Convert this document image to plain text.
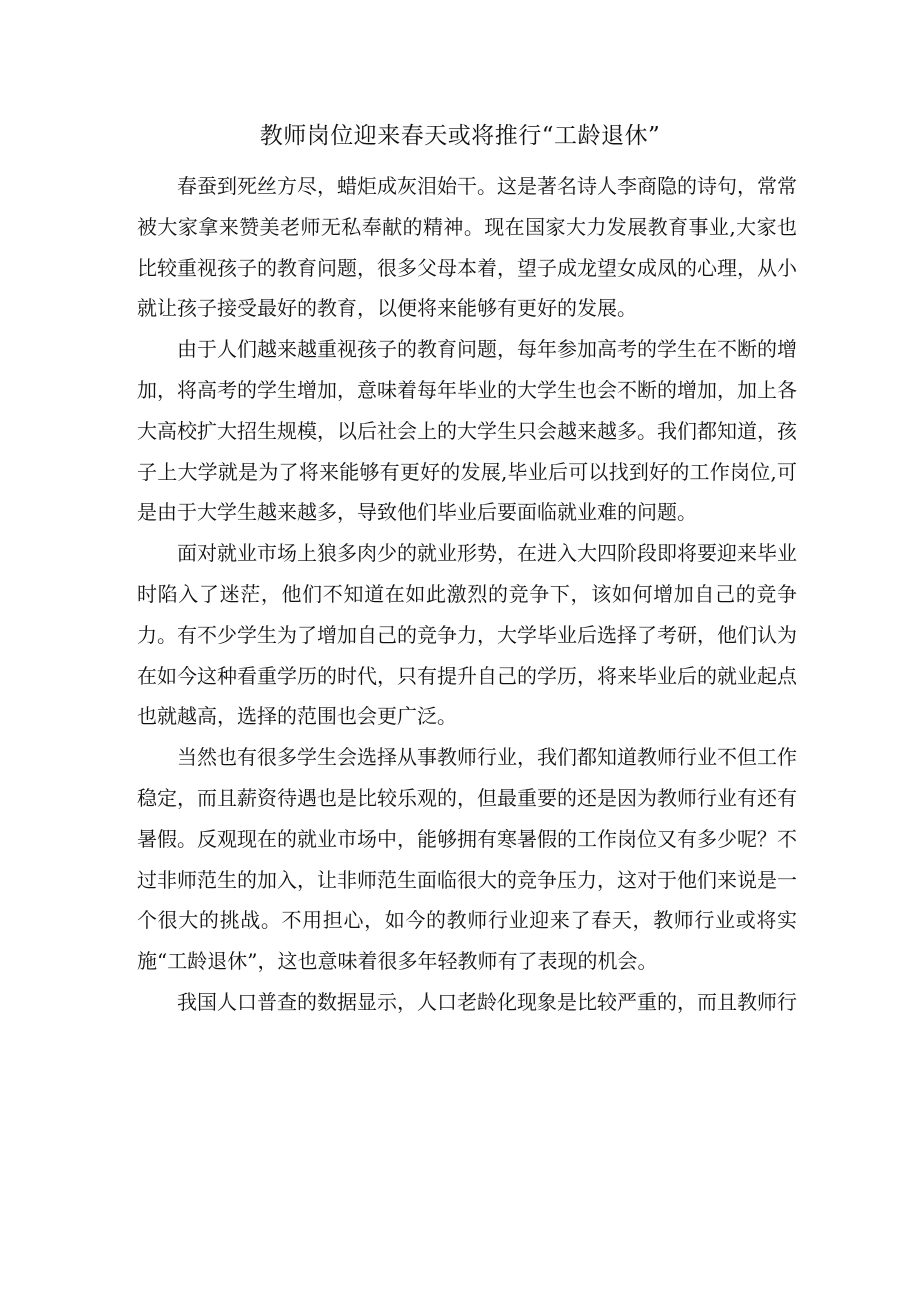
教师岗位迎来春天或将推行“工龄退休”

春蚕到死丝方尽，蜡炬成灰泪始干。这是著名诗人李商隐的诗句，常常被大家拿来赞美老师无私奉献的精神。现在国家大力发展教育事业,大家也比较重视孩子的教育问题，很多父母本着，望子成龙望女成凤的心理，从小就让孩子接受最好的教育，以便将来能够有更好的发展。

由于人们越来越重视孩子的教育问题，每年参加高考的学生在不断的增加，将高考的学生增加，意味着每年毕业的大学生也会不断的增加，加上各大高校扩大招生规模，以后社会上的大学生只会越来越多。我们都知道，孩子上大学就是为了将来能够有更好的发展,毕业后可以找到好的工作岗位,可是由于大学生越来越多，导致他们毕业后要面临就业难的问题。

面对就业市场上狼多肉少的就业形势，在进入大四阶段即将要迎来毕业时陷入了迷茫，他们不知道在如此激烈的竞争下，该如何增加自己的竞争力。有不少学生为了增加自己的竞争力，大学毕业后选择了考研，他们认为在如今这种看重学历的时代，只有提升自己的学历，将来毕业后的就业起点也就越高，选择的范围也会更广泛。

当然也有很多学生会选择从事教师行业，我们都知道教师行业不但工作稳定，而且薪资待遇也是比较乐观的，但最重要的还是因为教师行业有还有暑假。反观现在的就业市场中，能够拥有寒暑假的工作岗位又有多少呢？不过非师范生的加入，让非师范生面临很大的竞争压力，这对于他们来说是一个很大的挑战。不用担心，如今的教师行业迎来了春天，教师行业或将实施“工龄退休”，这也意味着很多年轻教师有了表现的机会。

我国人口普查的数据显示，人口老龄化现象是比较严重的，而且教师行
